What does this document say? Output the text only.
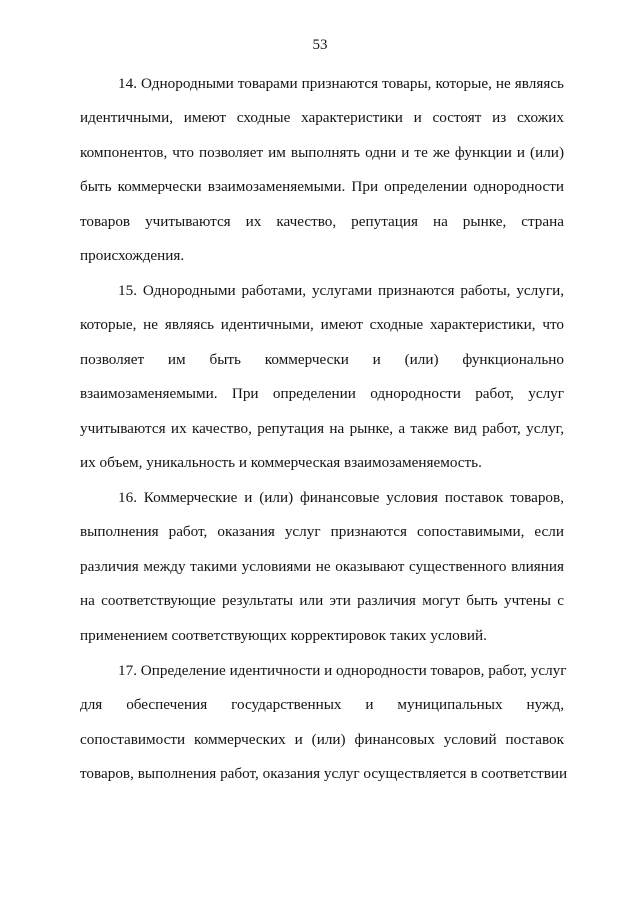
53
14. Однородными товарами признаются товары, которые, не являясь
идентичными, имеют сходные характеристики и состоят из схожих
компонентов, что позволяет им выполнять одни и те же функции и (или)
быть коммерчески взаимозаменяемыми. При определении однородности
товаров учитываются их качество, репутация на рынке, страна
происхождения.
15. Однородными работами, услугами признаются работы, услуги,
которые, не являясь идентичными, имеют сходные характеристики, что
позволяет им быть коммерчески и (или) функционально
взаимозаменяемыми. При определении однородности работ, услуг
учитываются их качество, репутация на рынке, а также вид работ, услуг,
их объем, уникальность и коммерческая взаимозаменяемость.
16. Коммерческие и (или) финансовые условия поставок товаров,
выполнения работ, оказания услуг признаются сопоставимыми, если
различия между такими условиями не оказывают существенного влияния
на соответствующие результаты или эти различия могут быть учтены с
применением соответствующих корректировок таких условий.
17. Определение идентичности и однородности товаров, работ, услуг
для обеспечения государственных и муниципальных нужд,
сопоставимости коммерческих и (или) финансовых условий поставок
товаров, выполнения работ, оказания услуг осуществляется в соответствии
